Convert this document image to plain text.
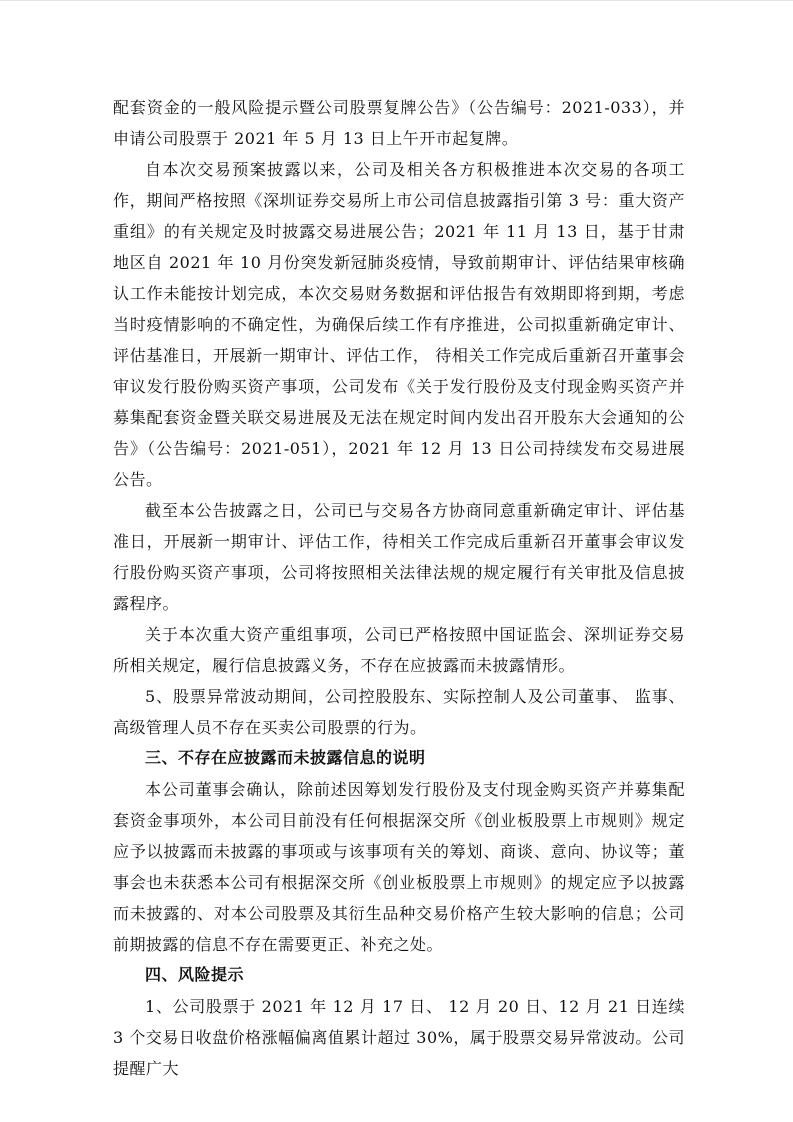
配套资金的一般风险提示暨公司股票复牌公告》（公告编号：2021-033），并申请公司股票于 2021 年 5 月 13 日上午开市起复牌。

自本次交易预案披露以来，公司及相关各方积极推进本次交易的各项工作，期间严格按照《深圳证券交易所上市公司信息披露指引第 3 号：重大资产重组》的有关规定及时披露交易进展公告；2021 年 11 月 13 日，基于甘肃地区自 2021 年 10 月份突发新冠肺炎疫情，导致前期审计、评估结果审核确认工作未能按计划完成，本次交易财务数据和评估报告有效期即将到期，考虑当时疫情影响的不确定性，为确保后续工作有序推进，公司拟重新确定审计、评估基准日，开展新一期审计、评估工作， 待相关工作完成后重新召开董事会审议发行股份购买资产事项，公司发布《关于发行股份及支付现金购买资产并募集配套资金暨关联交易进展及无法在规定时间内发出召开股东大会通知的公告》（公告编号：2021-051），2021 年 12 月 13 日公司持续发布交易进展公告。

截至本公告披露之日，公司已与交易各方协商同意重新确定审计、评估基准日，开展新一期审计、评估工作，待相关工作完成后重新召开董事会审议发行股份购买资产事项，公司将按照相关法律法规的规定履行有关审批及信息披露程序。

关于本次重大资产重组事项，公司已严格按照中国证监会、深圳证券交易所相关规定，履行信息披露义务，不存在应披露而未披露情形。

5、股票异常波动期间，公司控股股东、实际控制人及公司董事、 监事、高级管理人员不存在买卖公司股票的行为。

三、不存在应披露而未披露信息的说明

本公司董事会确认，除前述因筹划发行股份及支付现金购买资产并募集配套资金事项外，本公司目前没有任何根据深交所《创业板股票上市规则》规定应予以披露而未披露的事项或与该事项有关的筹划、商谈、意向、协议等；董事会也未获悉本公司有根据深交所《创业板股票上市规则》的规定应予以披露而未披露的、对本公司股票及其衍生品种交易价格产生较大影响的信息；公司前期披露的信息不存在需要更正、补充之处。

四、风险提示

1、公司股票于 2021 年 12 月 17 日、 12 月 20 日、12 月 21 日连续 3 个交易日收盘价格涨幅偏离值累计超过 30%，属于股票交易异常波动。公司提醒广大
